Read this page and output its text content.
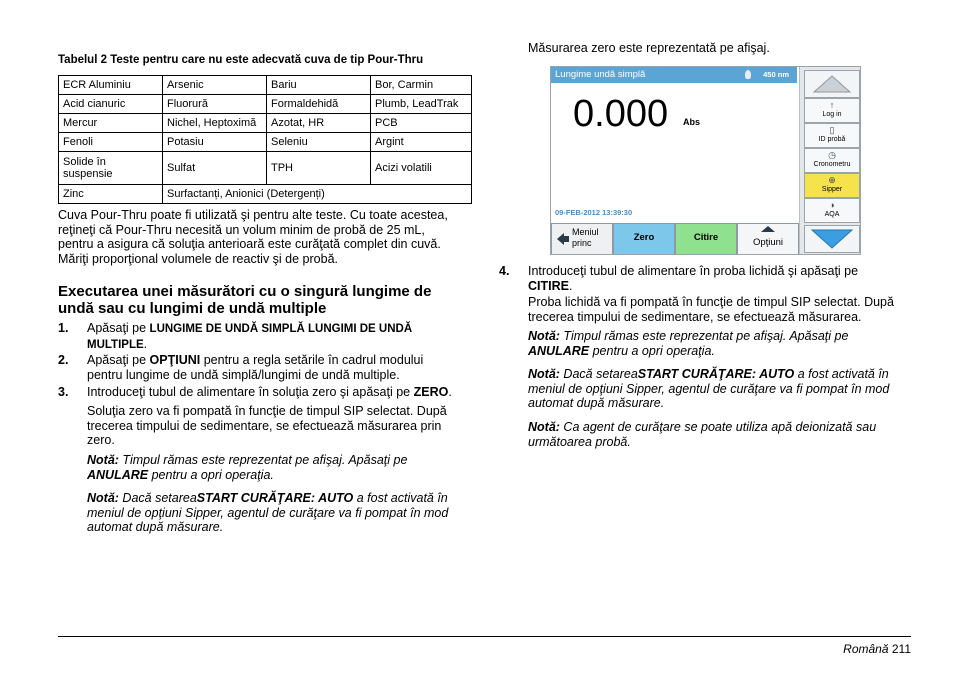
Tabelul 2 Teste pentru care nu este adecvată cuva de tip Pour-Thru
ECR Aluminiu	Arsenic	Bariu	Bor, Carmin
Acid cianuric	Fluorură	Formaldehidă	Plumb, LeadTrak
Mercur	Nichel, Heptoximă	Azotat, HR	PCB
Fenoli	Potasiu	Seleniu	Argint
Solide în suspensie	Sulfat	TPH	Acizi volatili
Zinc	Surfactanți, Anionici (Detergenți)		

Cuva Pour-Thru poate fi utilizată şi pentru alte teste. Cu toate acestea,

reţineţi că Pour-Thru necesită un volum minim de probă de 25 mL,

pentru a asigura că soluţia anterioară este curăţată complet din cuvă.

Măriţi proporţional volumele de reactiv şi de probă.

Executarea unei măsurători cu o singură lungime de

undă sau cu lungimi de undă multiple

1. Apăsaţi pe LUNGIME DE UNDĂ SIMPLĂ LUNGIMI DE UNDĂ

MULTIPLE.

2. Apăsaţi pe OPŢIUNI pentru a regla setările în cadrul modului

pentru lungime de undă simplă/lungimi de undă multiple.

3. Introduceţi tubul de alimentare în soluţia zero şi apăsaţi pe ZERO.

Soluţia zero va fi pompată în funcţie de timpul SIP selectat. După

trecerea timpului de sedimentare, se efectuează măsurarea prin

zero.

Notă: Timpul rămas este reprezentat pe afişaj. Apăsaţi pe

ANULARE pentru a opri operaţia.

Notă: Dacă setareaSTART CURĂŢARE: AUTO a fost activată în

meniul de opţiuni Sipper, agentul de curăţare va fi pompat în mod

automat după măsurare.

Măsurarea zero este reprezentată pe afişaj.
Lungime undă simplă	450 nm
0.000 Abs
09-FEB-2012 13:39:30
↑
Log in
▯
ID probă
◷
Cronometru
⊕
Sipper
◑
AQA
Meniul
princ	Zero	Citire	Opţiuni
4. Introduceţi tubul de alimentare în proba lichidă şi apăsaţi pe

CITIRE.

Proba lichidă va fi pompată în funcţie de timpul SIP selectat. După

trecerea timpului de sedimentare, se efectuează măsurarea.

Notă: Timpul rămas este reprezentat pe afişaj. Apăsaţi pe

ANULARE pentru a opri operaţia.

Notă: Dacă setareaSTART CURĂŢARE: AUTO a fost activată în

meniul de opţiuni Sipper, agentul de curăţare va fi pompat în mod

automat după măsurare.

Notă: Ca agent de curăţare se poate utiliza apă deionizată sau

următoarea probă.

Română 211
